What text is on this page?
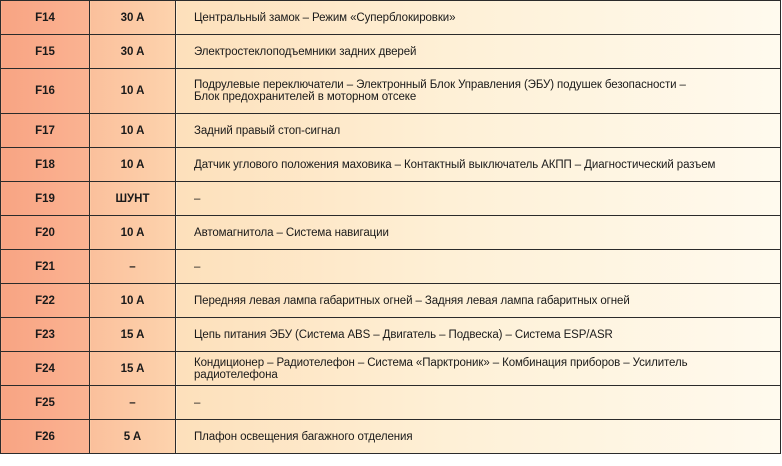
F14	30 A	Центральный замок – Режим «Суперблокировки»
F15	30 A	Электростеклоподъемники задних дверей
F16	10 A	Подрулевые переключатели – Электронный Блок Управления (ЭБУ) подушек безопасности –
Блок предохранителей в моторном отсеке
F17	10 A	Задний правый стоп-сигнал
F18	10 A	Датчик углового положения маховика – Контактный выключатель АКПП – Диагностический разъем
F19	ШУНТ	–
F20	10 A	Автомагнитола – Система навигации
F21	–	–
F22	10 A	Передняя левая лампа габаритных огней – Задняя левая лампа габаритных огней
F23	15 A	Цепь питания ЭБУ (Система ABS – Двигатель – Подвеска) – Система ESP/ASR
F24	15 A	Кондиционер – Радиотелефон – Система «Парктроник» – Комбинация приборов – Усилитель радиотелефона
F25	–	–
F26	5 A	Плафон освещения багажного отделения
